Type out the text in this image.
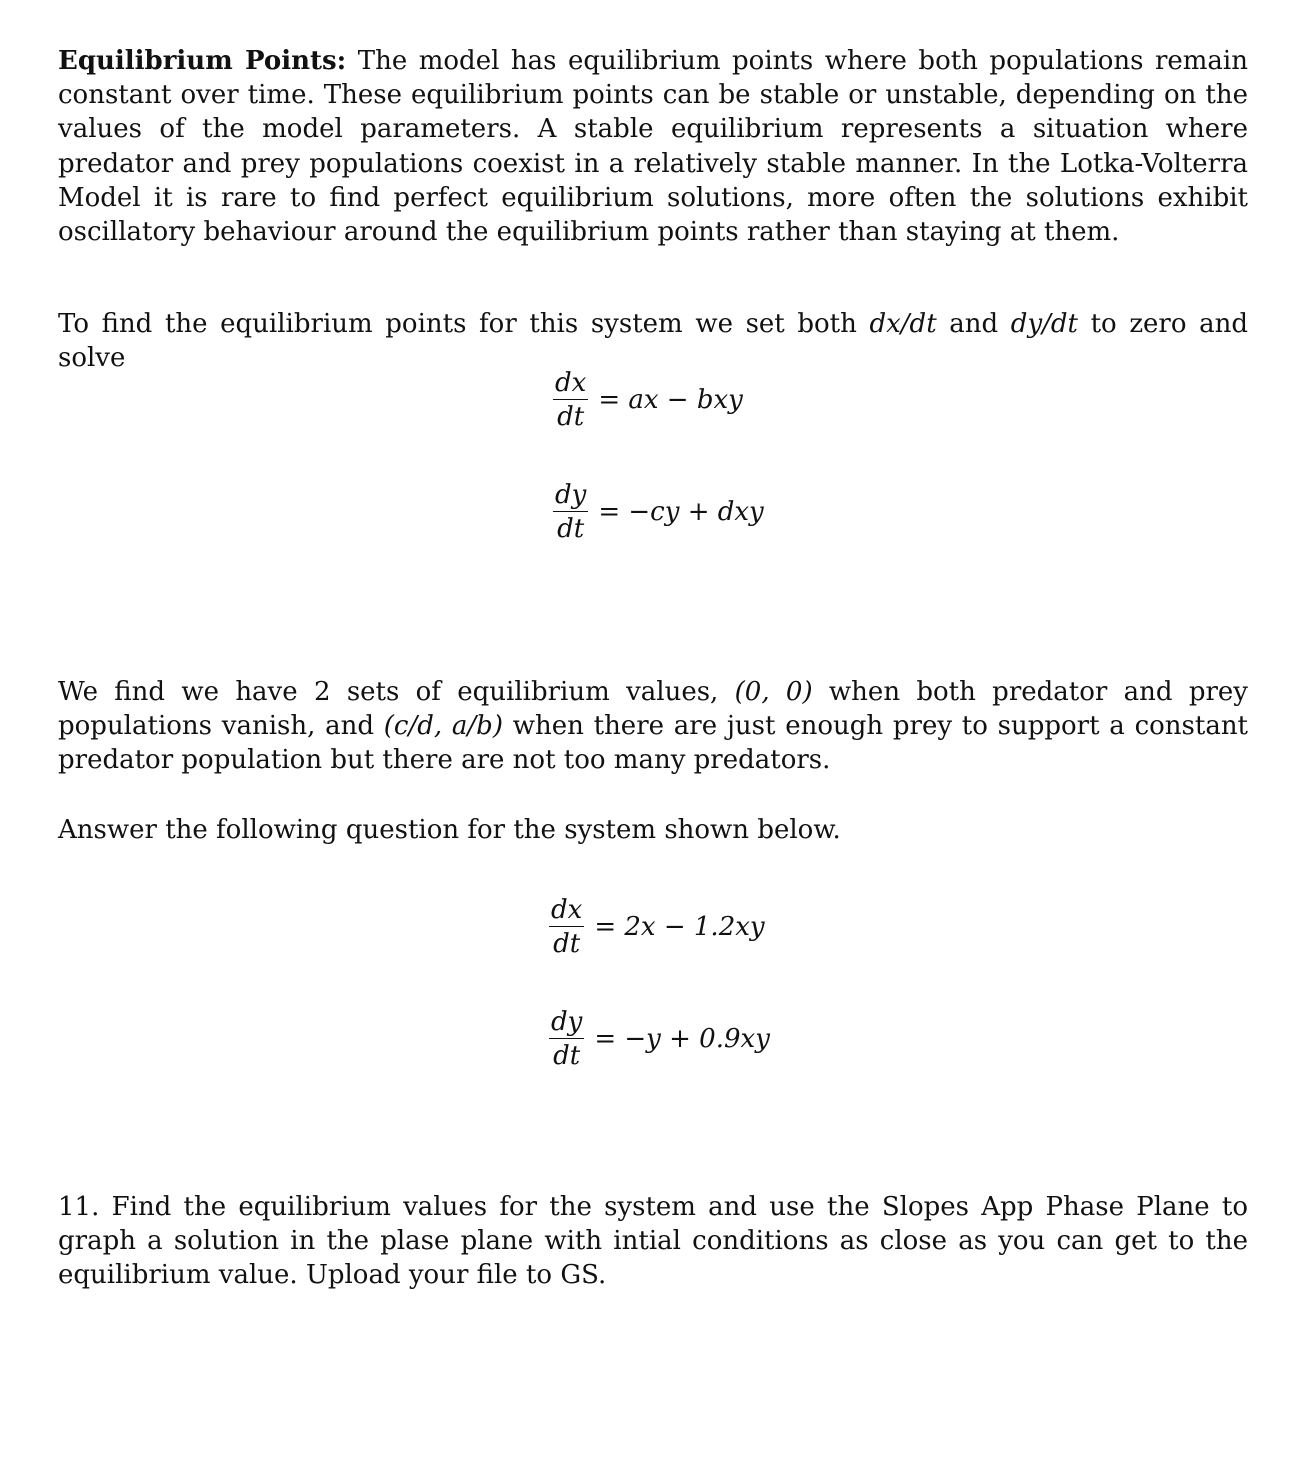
Equilibrium Points: The model has equilibrium points where both populations remain constant over time. These equilibrium points can be stable or unstable, depending on the values of the model parameters. A stable equilibrium represents a situation where predator and prey populations coexist in a relatively stable manner. In the Lotka-Volterra Model it is rare to find perfect equilibrium solutions, more often the solutions exhibit oscillatory behaviour around the equilibrium points rather than staying at them.

To find the equilibrium points for this system we set both dx/dt and dy/dt to zero and solve

$\frac{dx}{dt}$ = ax − bxy
$\frac{dy}{dt} = -cy$ + dxy

We find we have 2 sets of equilibrium values, (0, 0) when both predator and prey populations vanish, and (c/d, a/b) when there are just enough prey to support a constant predator population but there are not too many predators.

Answer the following question for the system shown below.

$\frac{dx}{dt} = 2x - 1.2xy$
$\frac{dy}{dt} = -y + 0.9xy$

11. Find the equilibrium values for the system and use the Slopes App Phase Plane to graph a solution in the plase plane with intial conditions as close as you can get to the equilibrium value. Upload your file to GS.
